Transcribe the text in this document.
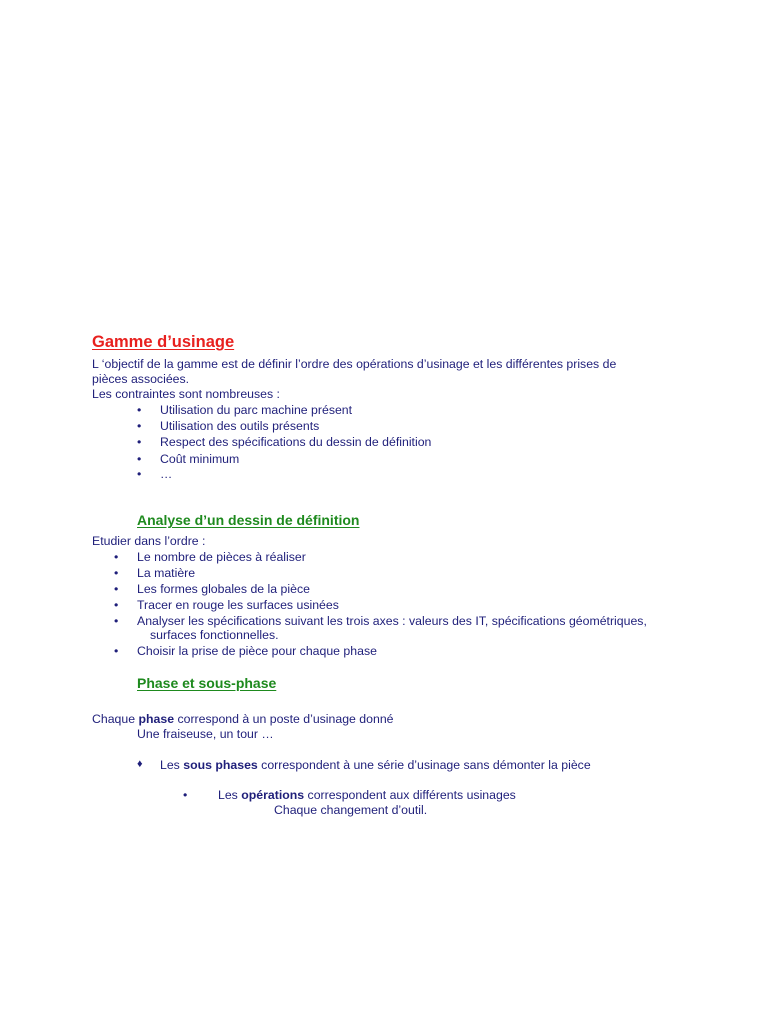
Gamme d’usinage

L ‘objectif de la gamme est de définir l’ordre des opérations d’usinage et les différentes prises de

pièces associées.

Les contraintes sont nombreuses :

• Utilisation du parc machine présent
• Utilisation des outils présents
• Respect des spécifications du dessin de définition
• Coût minimum
• …
Analyse d’un dessin de définition

Etudier dans l’ordre :

• Le nombre de pièces à réaliser
• La matière
• Les formes globales de la pièce
• Tracer en rouge les surfaces usinées
• Analyser les spécifications suivant les trois axes : valeurs des IT, spécifications géométriques,
surfaces fonctionnelles.
• Choisir la prise de pièce pour chaque phase
Phase et sous-phase

Chaque phase correspond à un poste d’usinage donné

Une fraiseuse, un tour …

♦ Les sous phases correspondent à une série d’usinage sans démonter la pièce

• Les opérations correspondent aux différents usinages

Chaque changement d’outil.
